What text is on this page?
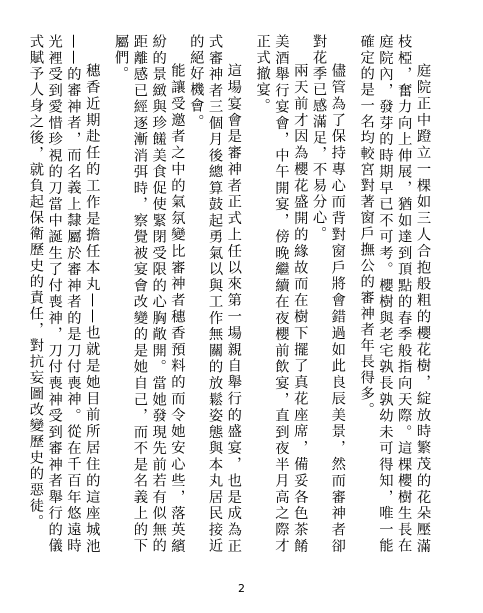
庭院正中蹬立一棵如三人合抱般粗的櫻花樹，綻放時繁茂的花朵壓滿枝椏，奮力向上伸展，猶如達到頂點的春季般指向天際。這棵櫻樹生長在庭院內，發芽的時期早已不可考。櫻樹與老宅孰長孰幼未可得知，唯一能確定的是一名均較宮對著窗戶撫公的審神者年長得多。

儘管為了保持專心而背對窗戶將會錯過如此良辰美景，然而審神者卻對花季已感滿足，不易分心。

兩天前才因為櫻花盛開的緣故而在樹下擺了真花座席，備妥各色茶餚美酒舉行宴會，中午開宴，傍晚繼續在夜櫻前飲宴，直到夜半月高之際才正式撤宴。

這場宴會是審神者正式上任以來第一場親自舉行的盛宴，也是成為正式審神者三個月後總算鼓起勇氣以與工作無關的放鬆姿態與本丸居民接近的絕好機會。

能讓受邀者之中的氣氛變比審神者穗香預料的而令她安心些，落英繽紛的景緻與珍饈美食促使緊閉受限的心胸敞開。當她發現先前若有似無的距離感已經逐漸消弭時，察覺被宴會改變的是她自己，而不是名義上的下屬們。

穗香近期赴任的工作是擔任本丸——也就是她目前所居住的這座城池——的審神者，而名義上隸屬於審神者的是刀付喪神。從在千百年悠遠時光裡受到愛惜珍視的刀當中誕生了付喪神，刀付喪神受到審神者舉行的儀式賦予人身之後，就負起保衛歷史的責任，對抗妄圖改變歷史的惡徒。

2
